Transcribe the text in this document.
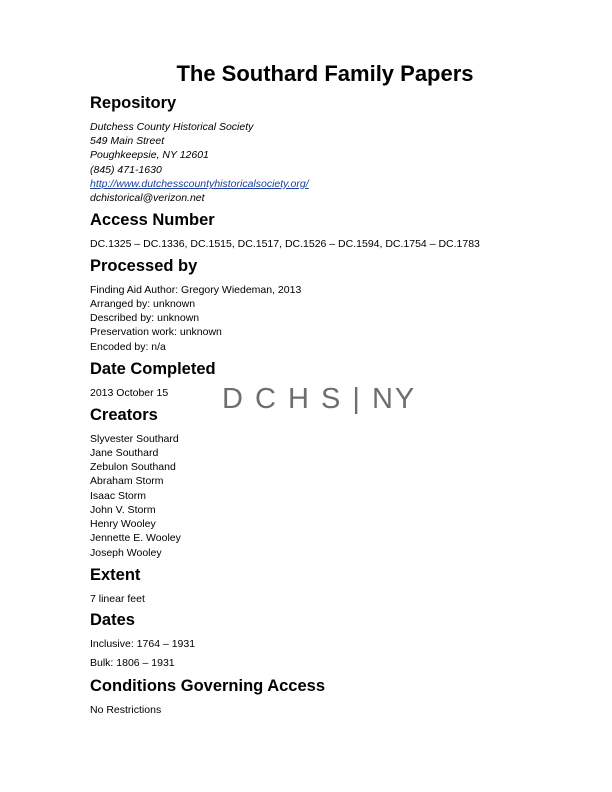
The Southard Family Papers
Repository

Dutchess County Historical Society

549 Main Street

Poughkeepsie, NY 12601

(845) 471-1630

http://www.dutchesscountyhistoricalsociety.org/

dchistorical@verizon.net

Access Number

DC.1325 – DC.1336, DC.1515, DC.1517, DC.1526 – DC.1594, DC.1754 – DC.1783

Processed by

Finding Aid Author: Gregory Wiedeman, 2013

Arranged by: unknown

Described by: unknown

Preservation work: unknown

Encoded by: n/a

Date Completed

2013 October 15 D C H S | NY
Creators

Slyvester Southard

Jane Southard

Zebulon Southand

Abraham Storm

Isaac Storm

John V. Storm

Henry Wooley

Jennette E. Wooley

Joseph Wooley

Extent

7 linear feet

Dates

Inclusive: 1764 – 1931

Bulk: 1806 – 1931

Conditions Governing Access

No Restrictions
